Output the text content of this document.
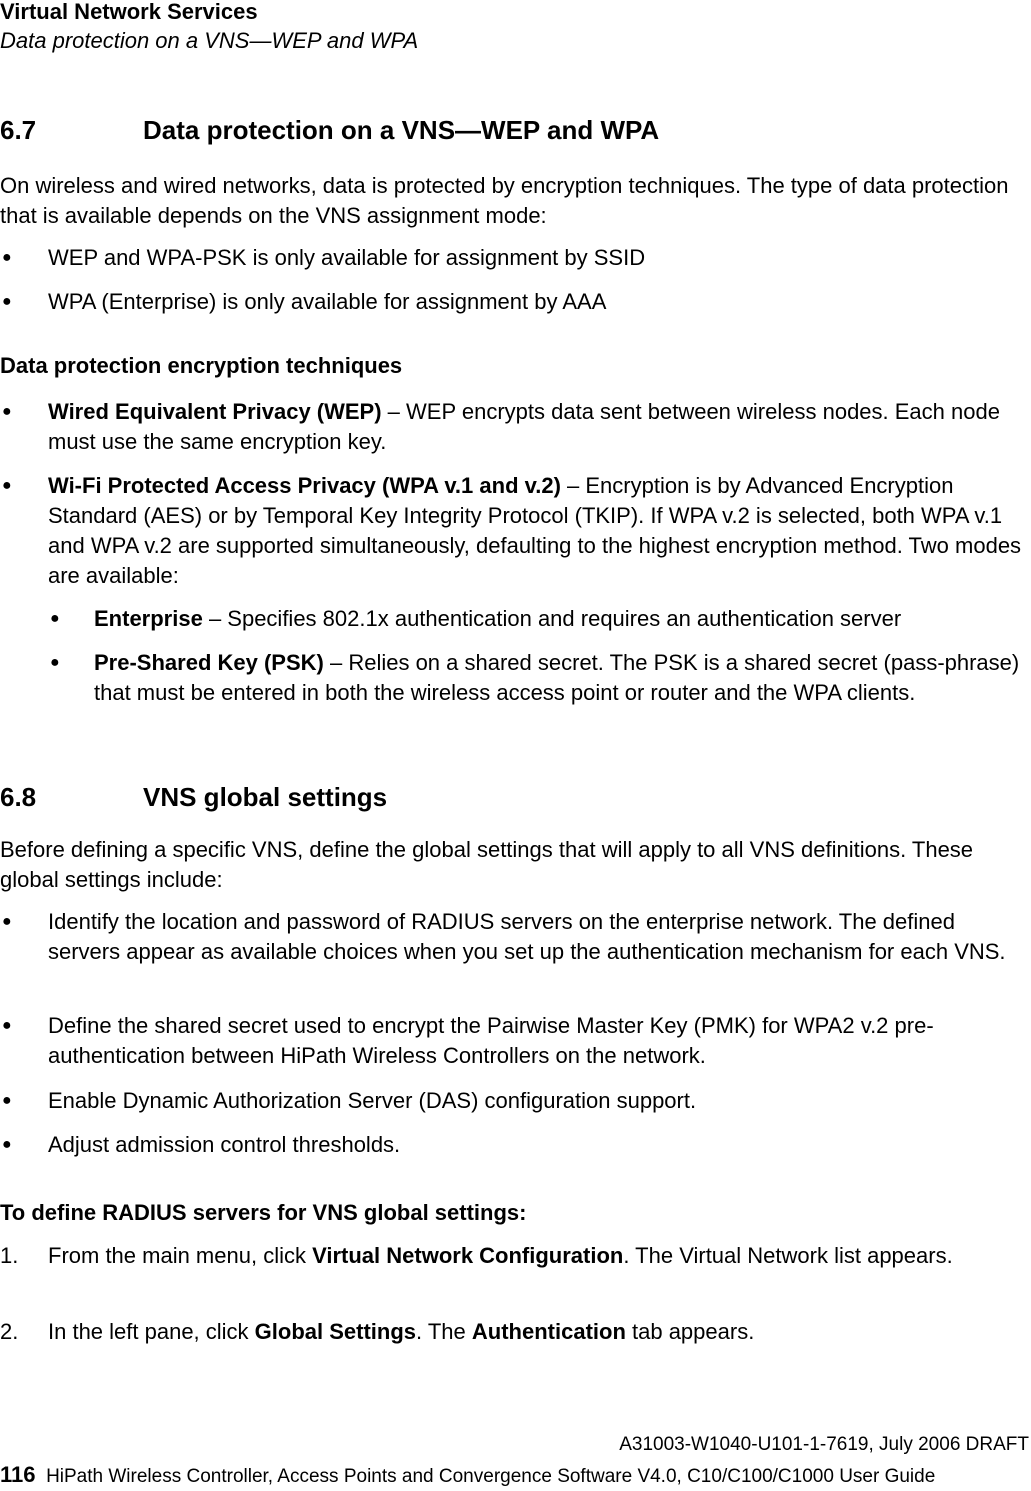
Virtual Network Services
Data protection on a VNS—WEP and WPA
6.7	Data protection on a VNS—WEP and WPA
On wireless and wired networks, data is protected by encryption techniques. The type of data protection that is available depends on the VNS assignment mode:
● WEP and WPA-PSK is only available for assignment by SSID
● WPA (Enterprise) is only available for assignment by AAA
Data protection encryption techniques
● Wired Equivalent Privacy (WEP) – WEP encrypts data sent between wireless nodes. Each node must use the same encryption key.
● Wi-Fi Protected Access Privacy (WPA v.1 and v.2) – Encryption is by Advanced Encryption Standard (AES) or by Temporal Key Integrity Protocol (TKIP). If WPA v.2 is selected, both WPA v.1 and WPA v.2 are supported simultaneously, defaulting to the highest encryption method. Two modes are available:
● Enterprise – Specifies 802.1x authentication and requires an authentication server
● Pre-Shared Key (PSK) – Relies on a shared secret. The PSK is a shared secret (pass-phrase) that must be entered in both the wireless access point or router and the WPA clients.
6.8	VNS global settings
Before defining a specific VNS, define the global settings that will apply to all VNS definitions. These global settings include:
● Identify the location and password of RADIUS servers on the enterprise network. The defined servers appear as available choices when you set up the authentication mechanism for each VNS.
● Define the shared secret used to encrypt the Pairwise Master Key (PMK) for WPA2 v.2 pre-authentication between HiPath Wireless Controllers on the network.
● Enable Dynamic Authorization Server (DAS) configuration support.
● Adjust admission control thresholds.
To define RADIUS servers for VNS global settings:
1. From the main menu, click Virtual Network Configuration. The Virtual Network list appears.
2. In the left pane, click Global Settings. The Authentication tab appears.
A31003-W1040-U101-1-7619, July 2006 DRAFT
116 HiPath Wireless Controller, Access Points and Convergence Software V4.0, C10/C100/C1000 User Guide
